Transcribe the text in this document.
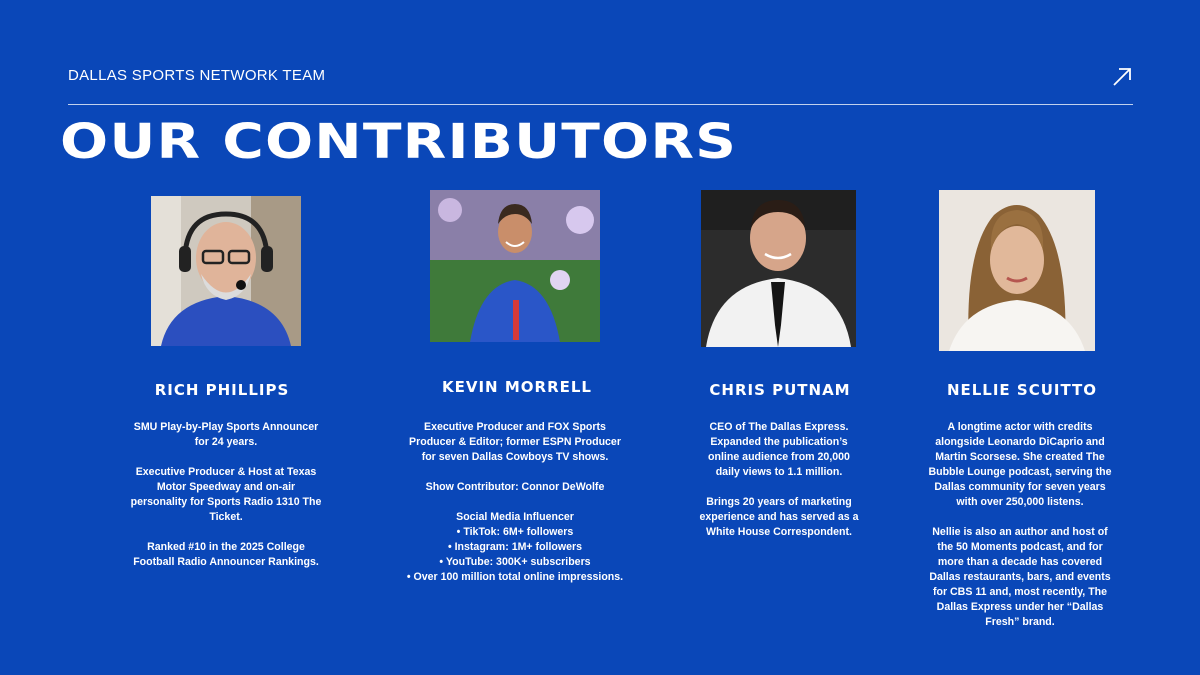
DALLAS SPORTS NETWORK TEAM
OUR CONTRIBUTORS
RICH PHILLIPS

SMU Play-by-Play Sports Announcer

for 24 years.

Executive Producer & Host at Texas

Motor Speedway and on-air

personality for Sports Radio 1310 The

Ticket.

Ranked #10 in the 2025 College

Football Radio Announcer Rankings.

KEVIN MORRELL

Executive Producer and FOX Sports

Producer & Editor; former ESPN Producer

for seven Dallas Cowboys TV shows.

Show Contributor: Connor DeWolfe

Social Media Influencer

• TikTok: 6M+ followers

• Instagram: 1M+ followers

• YouTube: 300K+ subscribers

• Over 100 million total online impressions.

CHRIS PUTNAM

CEO of The Dallas Express.

Expanded the publication’s

online audience from 20,000

daily views to 1.1 million.

Brings 20 years of marketing

experience and has served as a

White House Correspondent.

NELLIE SCUITTO

A longtime actor with credits

alongside Leonardo DiCaprio and

Martin Scorsese. She created The

Bubble Lounge podcast, serving the

Dallas community for seven years

with over 250,000 listens.

Nellie is also an author and host of

the 50 Moments podcast, and for

more than a decade has covered

Dallas restaurants, bars, and events

for CBS 11 and, most recently, The

Dallas Express under her “Dallas

Fresh” brand.
